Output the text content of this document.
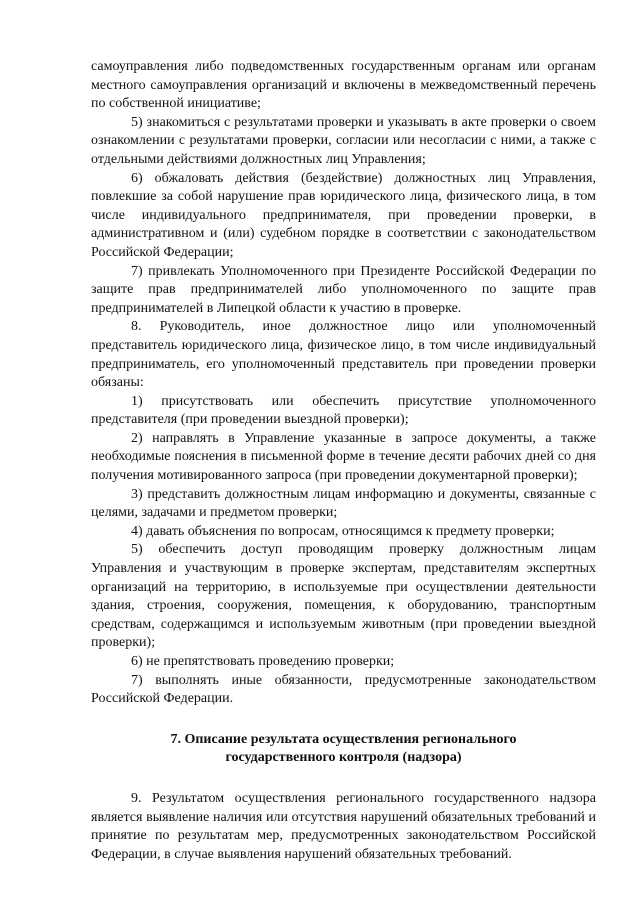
самоуправления либо подведомственных государственным органам или органам местного самоуправления организаций и включены в межведомственный перечень по собственной инициативе;

5) знакомиться с результатами проверки и указывать в акте проверки о своем ознакомлении с результатами проверки, согласии или несогласии с ними, а также с отдельными действиями должностных лиц Управления;

6) обжаловать действия (бездействие) должностных лиц Управления, повлекшие за собой нарушение прав юридического лица, физического лица, в том числе индивидуального предпринимателя, при проведении проверки, в административном и (или) судебном порядке в соответствии с законодательством Российской Федерации;

7) привлекать Уполномоченного при Президенте Российской Федерации по защите прав предпринимателей либо уполномоченного по защите прав предпринимателей в Липецкой области к участию в проверке.

8. Руководитель, иное должностное лицо или уполномоченный представитель юридического лица, физическое лицо, в том числе индивидуальный предприниматель, его уполномоченный представитель при проведении проверки обязаны:

1) присутствовать или обеспечить присутствие уполномоченного представителя (при проведении выездной проверки);

2) направлять в Управление указанные в запросе документы, а также необходимые пояснения в письменной форме в течение десяти рабочих дней со дня получения мотивированного запроса (при проведении документарной проверки);

3) представить должностным лицам информацию и документы, связанные с целями, задачами и предметом проверки;

4) давать объяснения по вопросам, относящимся к предмету проверки;

5) обеспечить доступ проводящим проверку должностным лицам Управления и участвующим в проверке экспертам, представителям экспертных организаций на территорию, в используемые при осуществлении деятельности здания, строения, сооружения, помещения, к оборудованию, транспортным средствам, содержащимся и используемым животным (при проведении выездной проверки);

6) не препятствовать проведению проверки;

7) выполнять иные обязанности, предусмотренные законодательством Российской Федерации.

7. Описание результата осуществления регионального
государственного контроля (надзора)

9. Результатом осуществления регионального государственного надзора является выявление наличия или отсутствия нарушений обязательных требований и принятие по результатам мер, предусмотренных законодательством Российской Федерации, в случае выявления нарушений обязательных требований.
